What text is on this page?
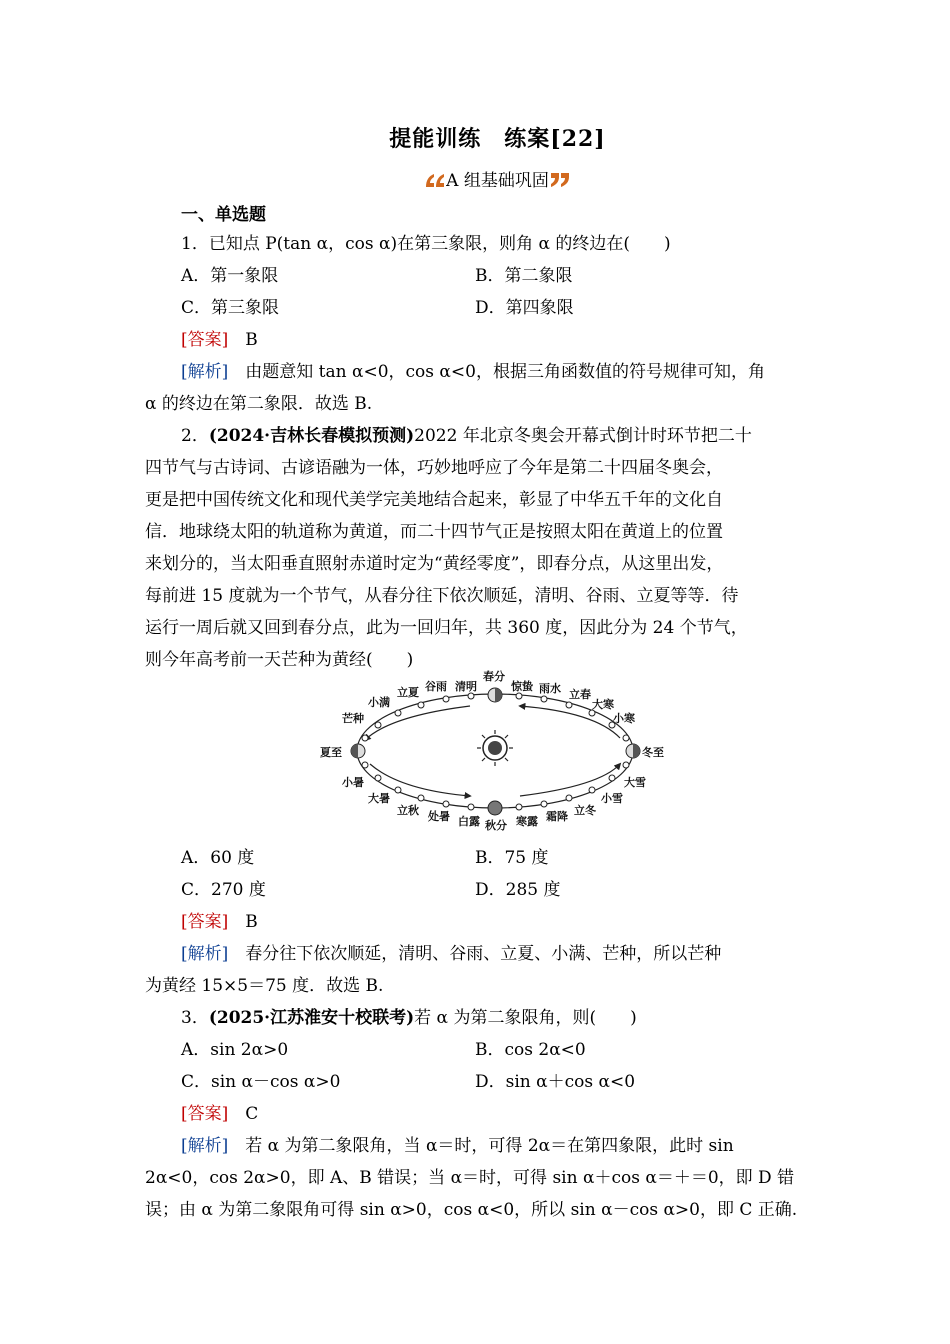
提能训练　练案[22]
A 组基础巩固
一、单选题
1．已知点 P(tan α，cos α)在第三象限，则角 α 的终边在(　　)
A．第一象限	B．第二象限
C．第三象限	D．第四象限
[答案]　 B
[解析]　 由题意知 tan α<0，cos α<0，根据三角函数值的符号规律可知，角
α 的终边在第二象限．故选 B.
2．(2024·吉林长春模拟预测)2022 年北京冬奥会开幕式倒计时环节把二十
四节气与古诗词、古谚语融为一体，巧妙地呼应了今年是第二十四届冬奥会，
更是把中国传统文化和现代美学完美地结合起来，彰显了中华五千年的文化自
信．地球绕太阳的轨道称为黄道，而二十四节气正是按照太阳在黄道上的位置
来划分的，当太阳垂直照射赤道时定为“黄经零度”，即春分点，从这里出发，
每前进 15 度就为一个节气，从春分往下依次顺延，清明、谷雨、立夏等等．待
运行一周后就又回到春分点，此为一回归年，共 360 度，因此分为 24 个节气，
则今年高考前一天芒种为黄经(　　)
春分
惊蛰 雨水 立春
大寒
小寒
冬至
大雪
小雪
立冬
霜降
寒露
秋分
白露
处暑
立秋
大暑
小暑
夏至
芒种
小满
立夏 谷雨 清明
A．60 度	B．75 度
C．270 度	D．285 度
[答案]　 B
[解析]　 春分往下依次顺延，清明、谷雨、立夏、小满、芒种，所以芒种
为黄经 15×5＝75 度．故选 B.
3．(2025·江苏淮安十校联考)若 α 为第二象限角，则(　　)
A．sin 2α>0	B．cos 2α<0
C．sin α－cos α>0	D．sin α＋cos α<0
[答案]　 C
[解析]　 若 α 为第二象限角，当 α＝时，可得 2α＝在第四象限，此时 sin
2α<0，cos 2α>0，即 A、B 错误；当 α＝时，可得 sin α＋cos α＝＋＝0，即 D 错
误；由 α 为第二象限角可得 sin α>0，cos α<0，所以 sin α－cos α>0，即 C 正确.
